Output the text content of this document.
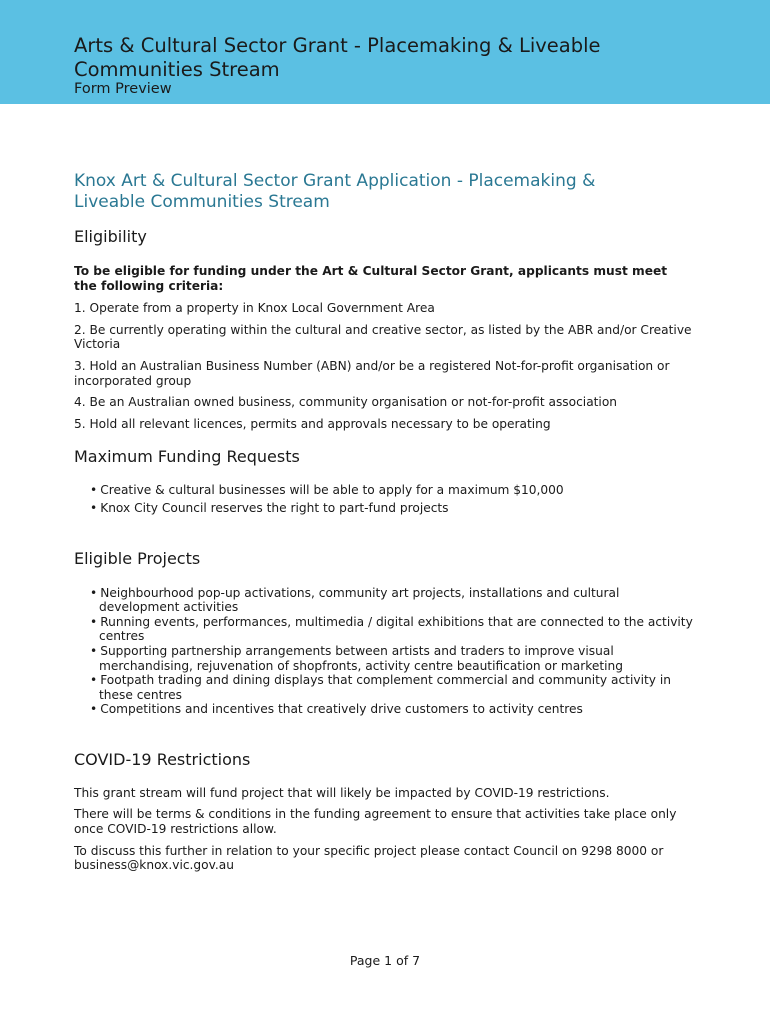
Arts & Cultural Sector Grant - Placemaking & Liveable Communities Stream
Form Preview
Knox Art & Cultural Sector Grant Application - Placemaking & Liveable Communities Stream
Eligibility

To be eligible for funding under the Art & Cultural Sector Grant, applicants must meet the following criteria:

1. Operate from a property in Knox Local Government Area

2. Be currently operating within the cultural and creative sector, as listed by the ABR and/or Creative Victoria

3. Hold an Australian Business Number (ABN) and/or be a registered Not-for-profit organisation or incorporated group

4. Be an Australian owned business, community organisation or not-for-profit association

5. Hold all relevant licences, permits and approvals necessary to be operating

Maximum Funding Requests
• Creative & cultural businesses will be able to apply for a maximum $10,000
• Knox City Council reserves the right to part-fund projects
Eligible Projects
• Neighbourhood pop-up activations, community art projects, installations and cultural development activities
• Running events, performances, multimedia / digital exhibitions that are connected to the activity centres
• Supporting partnership arrangements between artists and traders to improve visual merchandising, rejuvenation of shopfronts, activity centre beautification or marketing
• Footpath trading and dining displays that complement commercial and community activity in these centres
• Competitions and incentives that creatively drive customers to activity centres
COVID-19 Restrictions

This grant stream will fund project that will likely be impacted by COVID-19 restrictions.

There will be terms & conditions in the funding agreement to ensure that activities take place only once COVID-19 restrictions allow.

To discuss this further in relation to your specific project please contact Council on 9298 8000 or business@knox.vic.gov.au

Page 1 of 7
